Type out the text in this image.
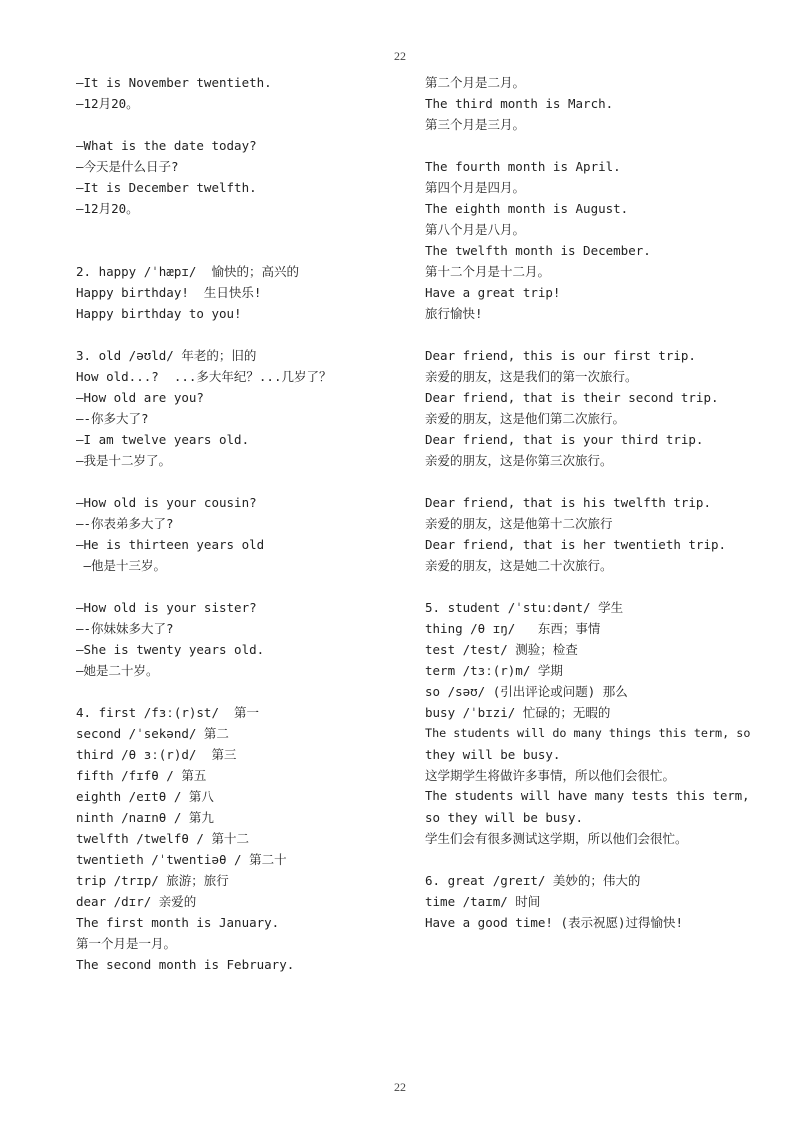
22
—It is November twentieth.
—12月20。
—What is the date today?
—今天是什么日子?
—It is December twelfth.
—12月20。
2. happy /ˈhæpɪ/  愉快的；高兴的
Happy birthday!  生日快乐!
Happy birthday to you!
3. old /əʊld/ 年老的；旧的
How old...?  ...多大年纪？...几岁了？
—How old are you?
—-你多大了?
—I am twelve years old.
—我是十二岁了。
—How old is your cousin?
—-你表弟多大了?
—He is thirteen years old
—他是十三岁。
—How old is your sister?
—-你妹妹多大了?
—She is twenty years old.
—她是二十岁。
4. first /fɜː(r)st/  第一
second /ˈsekənd/ 第二
third /θ ɜː(r)d/  第三
fifth /fɪfθ / 第五
eighth /eɪtθ / 第八
ninth /naɪnθ / 第九
twelfth /twelfθ / 第十二
twentieth /ˈtwentiəθ / 第二十
trip /trɪp/ 旅游；旅行
dear /dɪr/ 亲爱的
The first month is January.
第一个月是一月。
The second month is February.
第二个月是二月。
The third month is March.
第三个月是三月。
The fourth month is April.
第四个月是四月。
The eighth month is August.
第八个月是八月。
The twelfth month is December.
第十二个月是十二月。
Have a great trip!
旅行愉快!
Dear friend, this is our first trip.
亲爱的朋友，这是我们的第一次旅行。
Dear friend, that is their second trip.
亲爱的朋友，这是他们第二次旅行。
Dear friend, that is your third trip.
亲爱的朋友，这是你第三次旅行。
Dear friend, that is his twelfth trip.
亲爱的朋友，这是他第十二次旅行
Dear friend, that is her twentieth trip.
亲爱的朋友，这是她二十次旅行。
5. student /ˈstuːdənt/ 学生
thing /θ ɪŋ/   东西；事情
test /test/ 测验；检查
term /tɜː(r)m/ 学期
so /səʊ/ (引出评论或问题) 那么
busy /ˈbɪzi/ 忙碌的；无暇的
The students will do many things this term, so
they will be busy.
这学期学生将做许多事情，所以他们会很忙。
The students will have many tests this term,
so they will be busy.
学生们会有很多测试这学期，所以他们会很忙。
6. great /greɪt/ 美妙的；伟大的
time /taɪm/ 时间
Have a good time! (表示祝愿)过得愉快!
22
